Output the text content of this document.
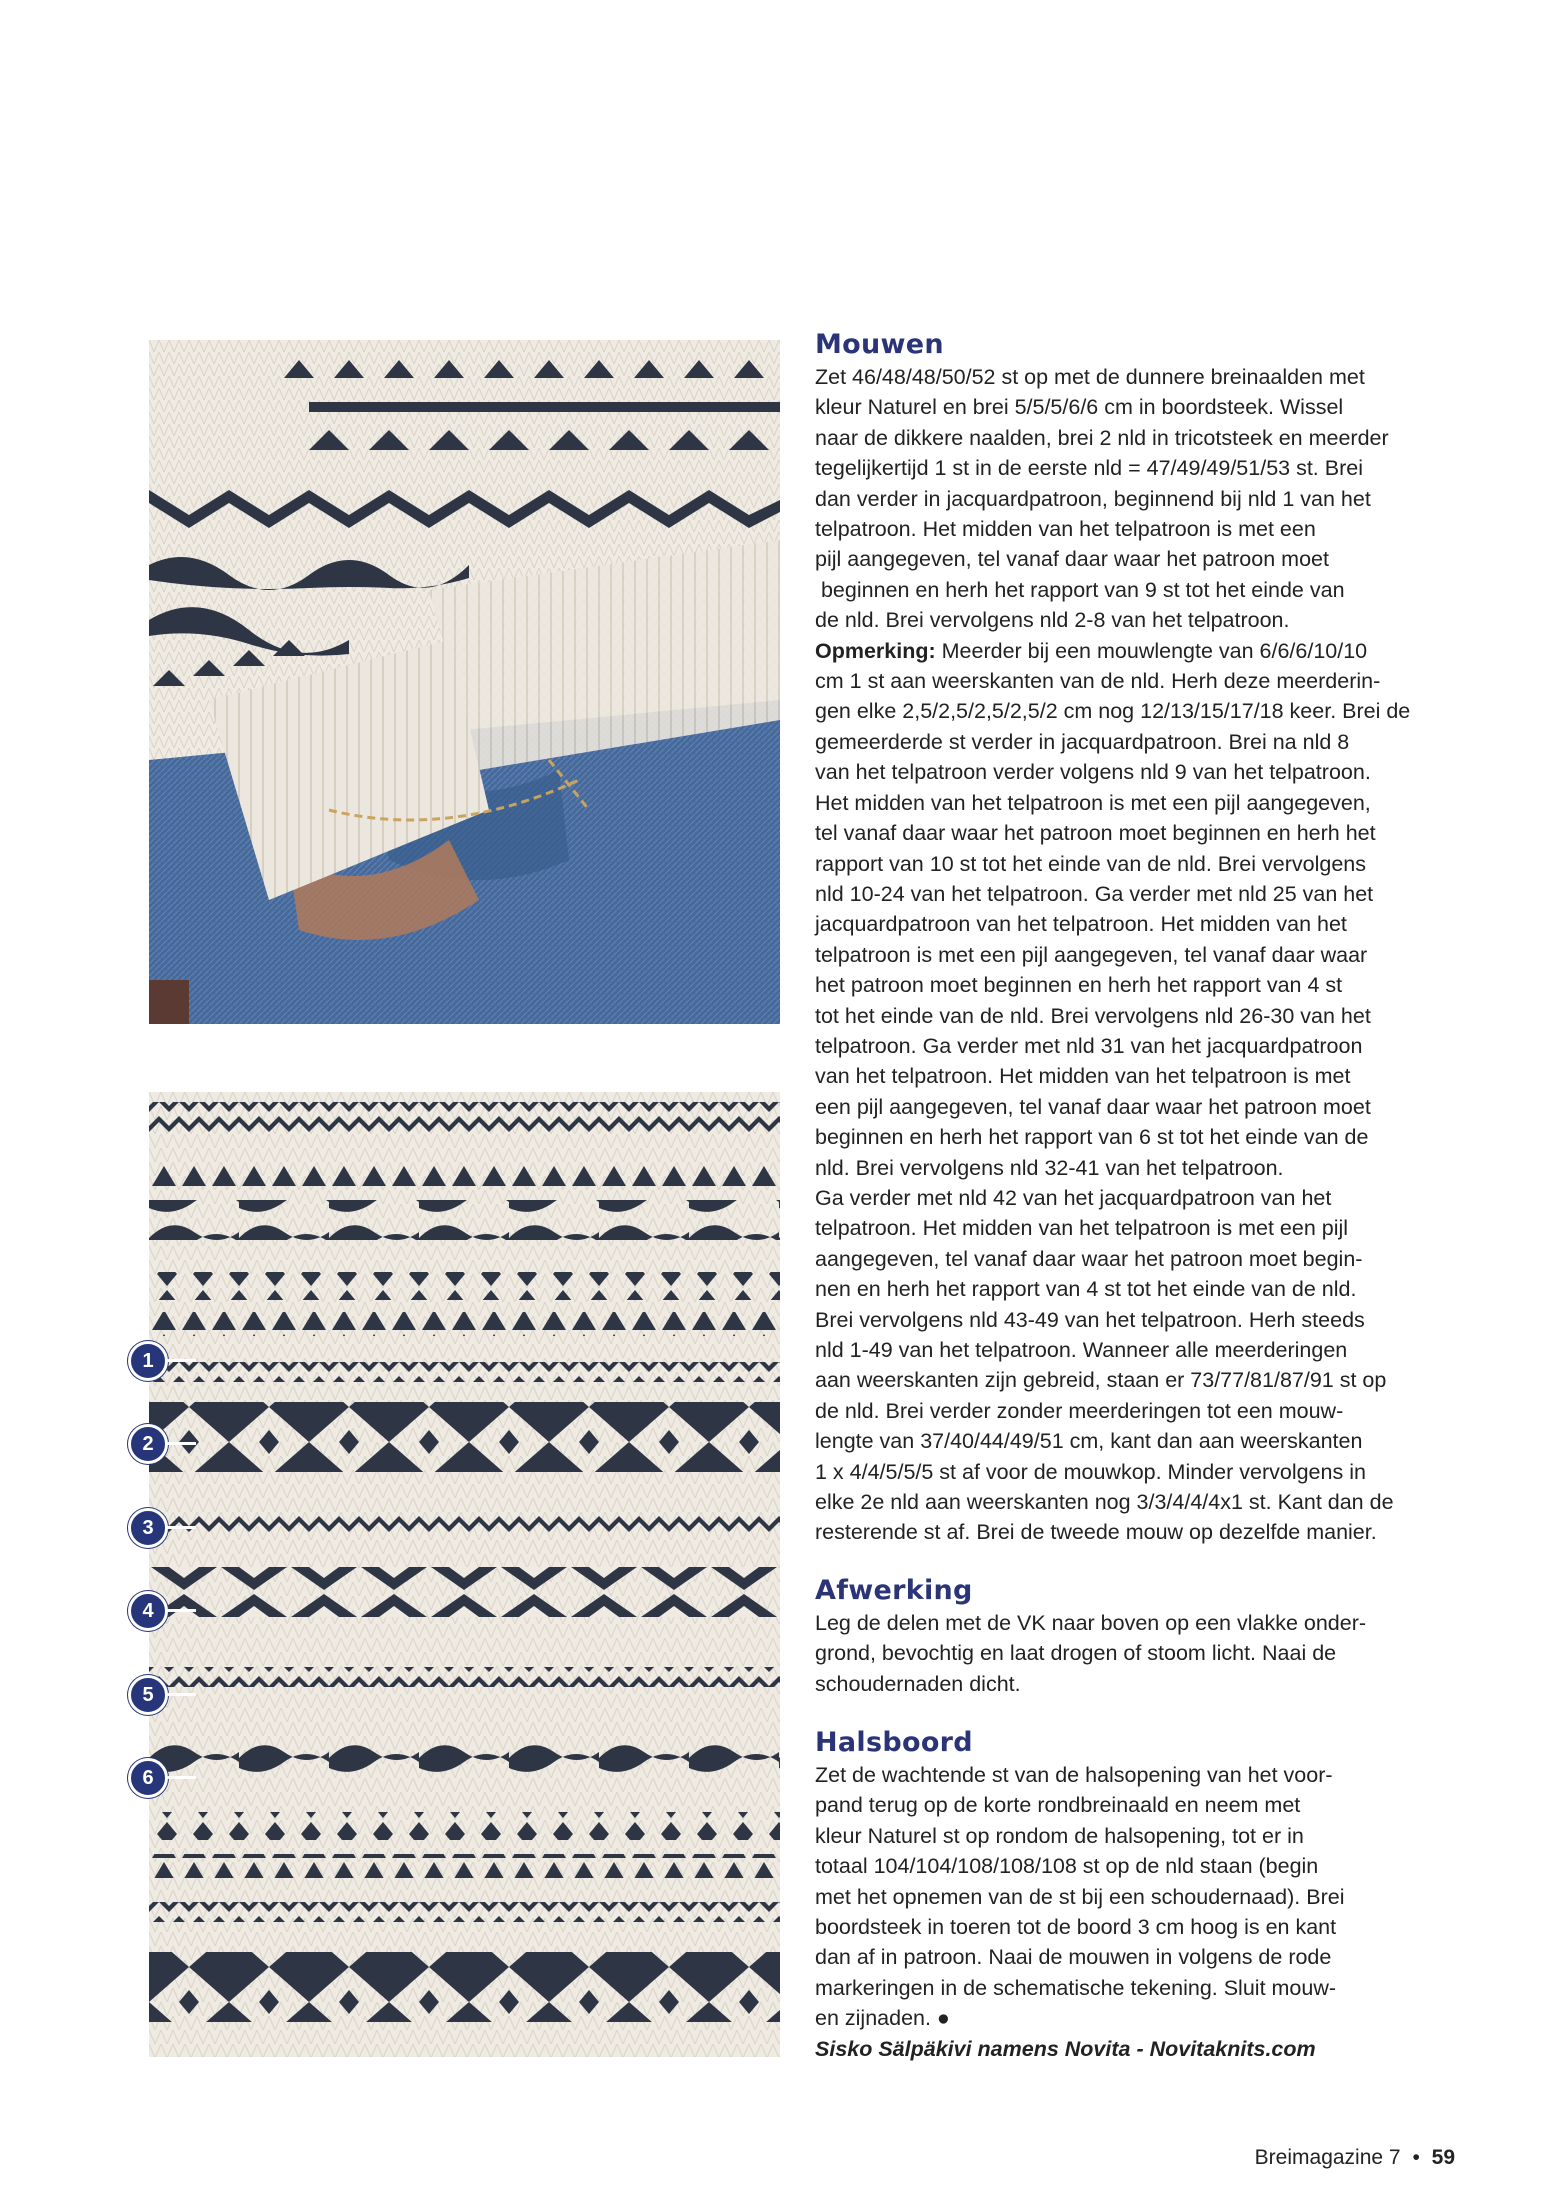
1
2
3
4
5
6
Mouwen

Zet 46/48/48/50/52 st op met de dunnere breinaalden met

kleur Naturel en brei 5/5/5/6/6 cm in boordsteek. Wissel

naar de dikkere naalden, brei 2 nld in tricotsteek en meerder

tegelijkertijd 1 st in de eerste nld = 47/49/49/51/53 st. Brei

dan verder in jacquardpatroon, beginnend bij nld 1 van het

telpatroon. Het midden van het telpatroon is met een

pijl aangegeven, tel vanaf daar waar het patroon moet

beginnen en herh het rapport van 9 st tot het einde van

de nld. Brei vervolgens nld 2-8 van het telpatroon.

Opmerking: Meerder bij een mouwlengte van 6/6/6/10/10

cm 1 st aan weerskanten van de nld. Herh deze meerderin-

gen elke 2,5/2,5/2,5/2,5/2 cm nog 12/13/15/17/18 keer. Brei de

gemeerderde st verder in jacquardpatroon. Brei na nld 8

van het telpatroon verder volgens nld 9 van het telpatroon.

Het midden van het telpatroon is met een pijl aangegeven,

tel vanaf daar waar het patroon moet beginnen en herh het

rapport van 10 st tot het einde van de nld. Brei vervolgens

nld 10-24 van het telpatroon. Ga verder met nld 25 van het

jacquardpatroon van het telpatroon. Het midden van het

telpatroon is met een pijl aangegeven, tel vanaf daar waar

het patroon moet beginnen en herh het rapport van 4 st

tot het einde van de nld. Brei vervolgens nld 26-30 van het

telpatroon. Ga verder met nld 31 van het jacquardpatroon

van het telpatroon. Het midden van het telpatroon is met

een pijl aangegeven, tel vanaf daar waar het patroon moet

beginnen en herh het rapport van 6 st tot het einde van de

nld. Brei vervolgens nld 32-41 van het telpatroon.

Ga verder met nld 42 van het jacquardpatroon van het

telpatroon. Het midden van het telpatroon is met een pijl

aangegeven, tel vanaf daar waar het patroon moet begin-

nen en herh het rapport van 4 st tot het einde van de nld.

Brei vervolgens nld 43-49 van het telpatroon. Herh steeds

nld 1-49 van het telpatroon. Wanneer alle meerderingen

aan weerskanten zijn gebreid, staan er 73/77/81/87/91 st op

de nld. Brei verder zonder meerderingen tot een mouw-

lengte van 37/40/44/49/51 cm, kant dan aan weerskanten

1 x 4/4/5/5/5 st af voor de mouwkop. Minder vervolgens in

elke 2e nld aan weerskanten nog 3/3/4/4/4x1 st. Kant dan de

resterende st af. Brei de tweede mouw op dezelfde manier.

Afwerking

Leg de delen met de VK naar boven op een vlakke onder-

grond, bevochtig en laat drogen of stoom licht. Naai de

schoudernaden dicht.

Halsboord

Zet de wachtende st van de halsopening van het voor-

pand terug op de korte rondbreinaald en neem met

kleur Naturel st op rondom de halsopening, tot er in

totaal 104/104/108/108/108 st op de nld staan (begin

met het opnemen van de st bij een schoudernaad). Brei

boordsteek in toeren tot de boord 3 cm hoog is en kant

dan af in patroon. Naai de mouwen in volgens de rode

markeringen in de schematische tekening. Sluit mouw-

en zijnaden. ●

Sisko Sälpäkivi namens Novita - Novitaknits.com

Breimagazine 7 • 59
